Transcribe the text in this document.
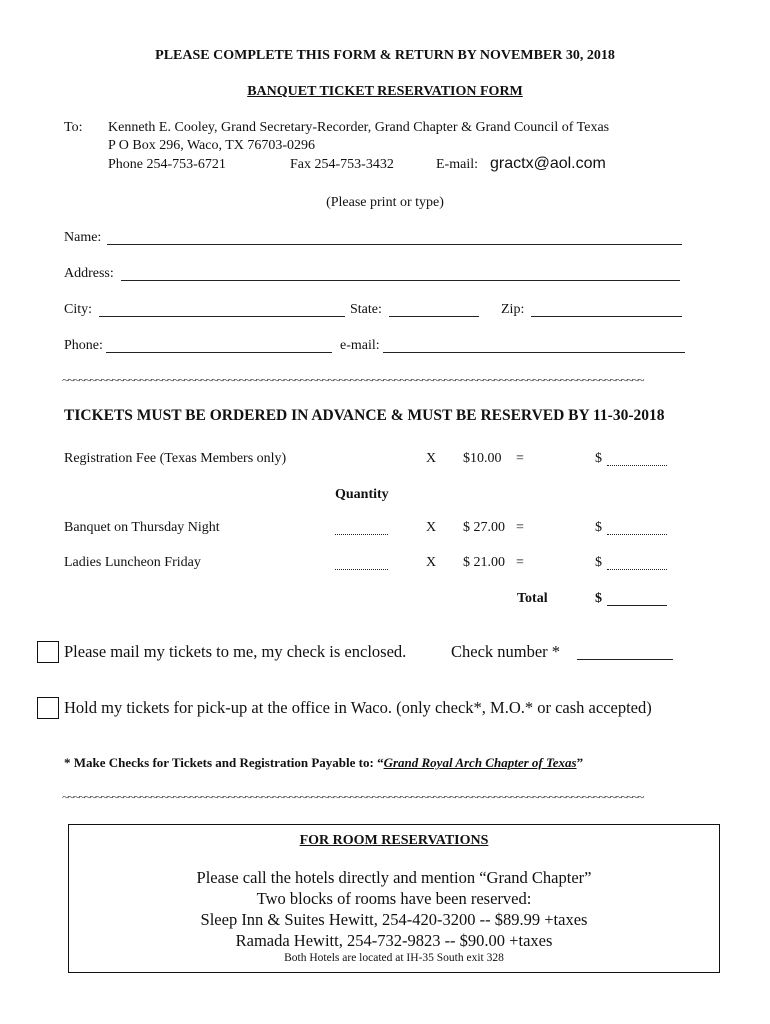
PLEASE COMPLETE THIS FORM & RETURN BY NOVEMBER 30, 2018
BANQUET TICKET RESERVATION FORM
To: Kenneth E. Cooley, Grand Secretary-Recorder, Grand Chapter & Grand Council of Texas
P O Box 296, Waco, TX 76703-0296
Phone 254-753-6721	Fax 254-753-3432	E-mail: gractx@aol.com
(Please print or type)
Name:
Address:
City:	State:	Zip:
Phone:	e-mail:
~~~~~~~~~~~~~~~~~~~~~~~~~~~~~~~~~~~~~~~~~~~~~~~~~~~~~~~~~~~~~~~~~~~~~~~~~~~~~~~~~~~~~~~~~~~~~~~~~~~~~~~~~
TICKETS MUST BE ORDERED IN ADVANCE & MUST BE RESERVED BY 11-30-2018
Registration Fee (Texas Members only)	X $10.00 =	$
Quantity
Banquet on Thursday Night	X $ 27.00 =	$
Ladies Luncheon Friday	X $ 21.00 =	$
Total	$
Please mail my tickets to me, my check is enclosed.	Check number *
Hold my tickets for pick-up at the office in Waco. (only check*, M.O.* or cash accepted)
* Make Checks for Tickets and Registration Payable to: “Grand Royal Arch Chapter of Texas”
~~~~~~~~~~~~~~~~~~~~~~~~~~~~~~~~~~~~~~~~~~~~~~~~~~~~~~~~~~~~~~~~~~~~~~~~~~~~~~~~~~~~~~~~~~~~~~~~~~~~~~~~~
FOR ROOM RESERVATIONS
Please call the hotels directly and mention “Grand Chapter”
Two blocks of rooms have been reserved:
Sleep Inn & Suites Hewitt, 254-420-3200 -- $89.99 +taxes
Ramada Hewitt, 254-732-9823 -- $90.00 +taxes
Both Hotels are located at IH-35 South exit 328
